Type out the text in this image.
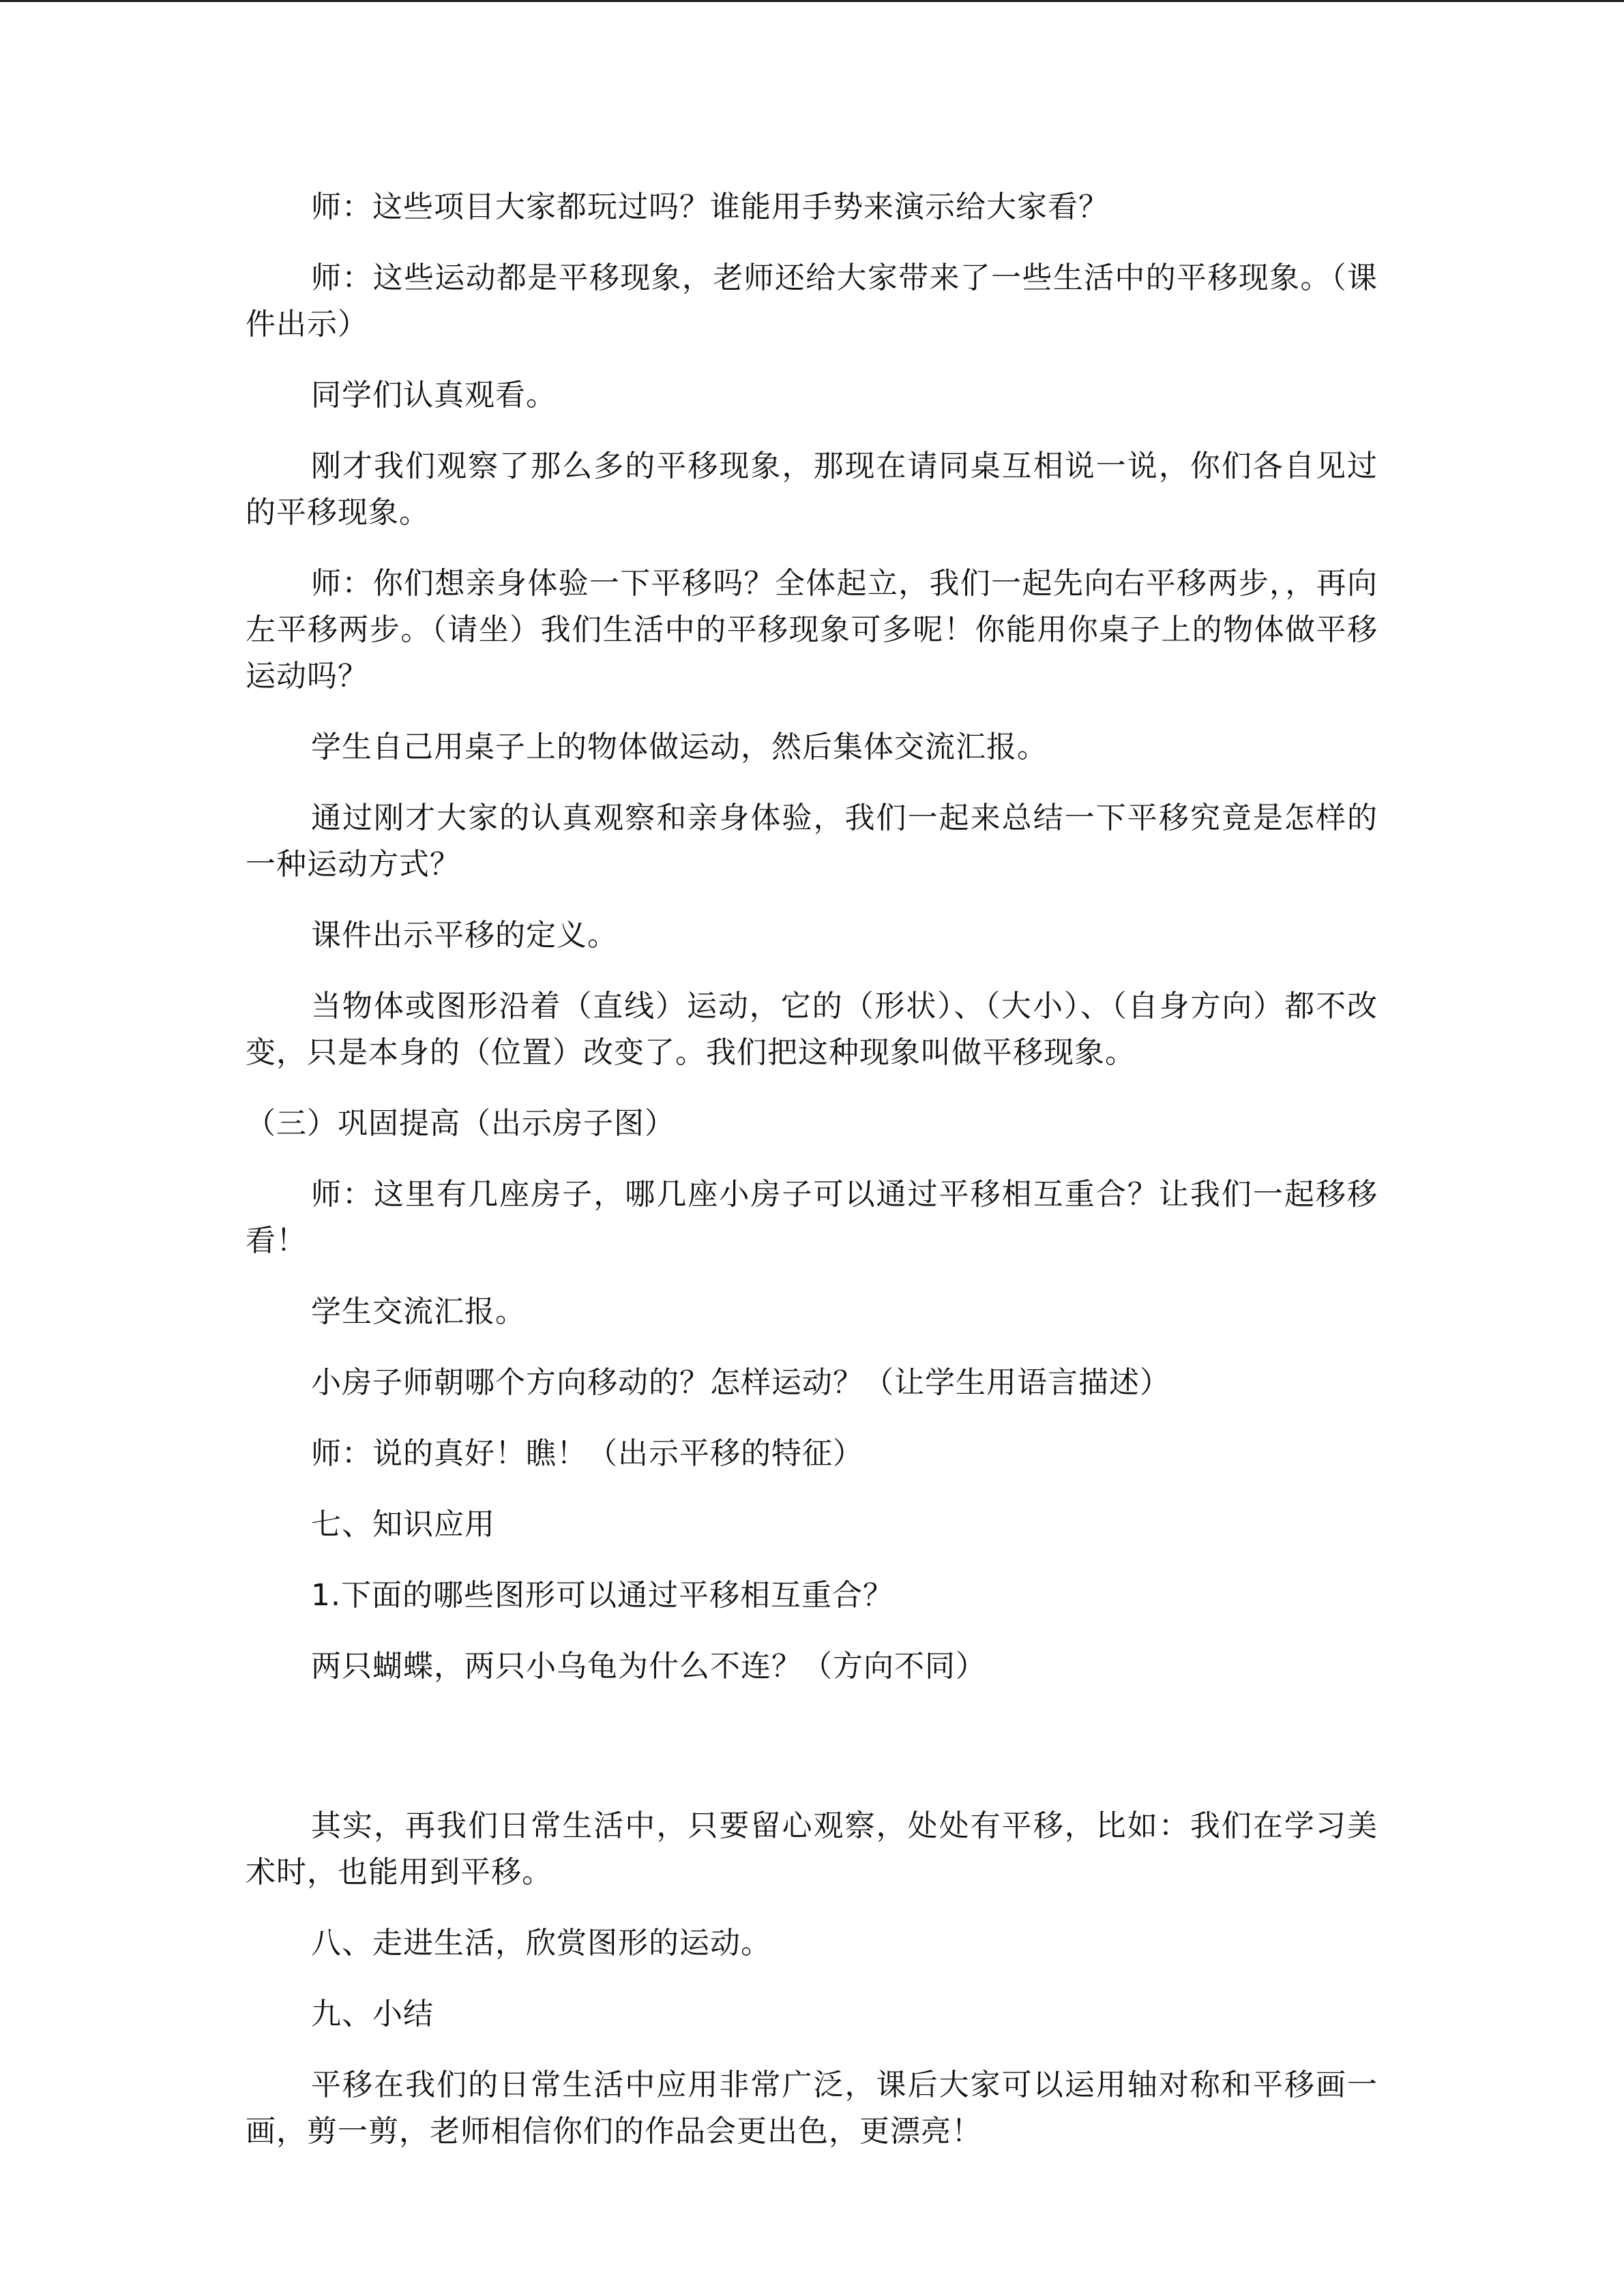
师：这些项目大家都玩过吗？谁能用手势来演示给大家看？

师：这些运动都是平移现象，老师还给大家带来了一些生活中的平移现象。（课件出示）

同学们认真观看。

刚才我们观察了那么多的平移现象，那现在请同桌互相说一说，你们各自见过的平移现象。

师：你们想亲身体验一下平移吗？全体起立，我们一起先向右平移两步，，再向左平移两步。（请坐）我们生活中的平移现象可多呢！你能用你桌子上的物体做平移运动吗？

学生自己用桌子上的物体做运动，然后集体交流汇报。

通过刚才大家的认真观察和亲身体验，我们一起来总结一下平移究竟是怎样的一种运动方式？

课件出示平移的定义。

当物体或图形沿着（直线）运动，它的（形状）、（大小）、（自身方向）都不改变，只是本身的（位置）改变了。我们把这种现象叫做平移现象。

（三）巩固提高（出示房子图）

师：这里有几座房子，哪几座小房子可以通过平移相互重合？让我们一起移移看！

学生交流汇报。

小房子师朝哪个方向移动的？怎样运动？（让学生用语言描述）

师：说的真好！瞧！（出示平移的特征）

七、知识应用

1.下面的哪些图形可以通过平移相互重合？

两只蝴蝶，两只小乌龟为什么不连？（方向不同）

其实，再我们日常生活中，只要留心观察，处处有平移，比如：我们在学习美术时，也能用到平移。

八、走进生活，欣赏图形的运动。

九、小结

平移在我们的日常生活中应用非常广泛，课后大家可以运用轴对称和平移画一画，剪一剪，老师相信你们的作品会更出色，更漂亮！
